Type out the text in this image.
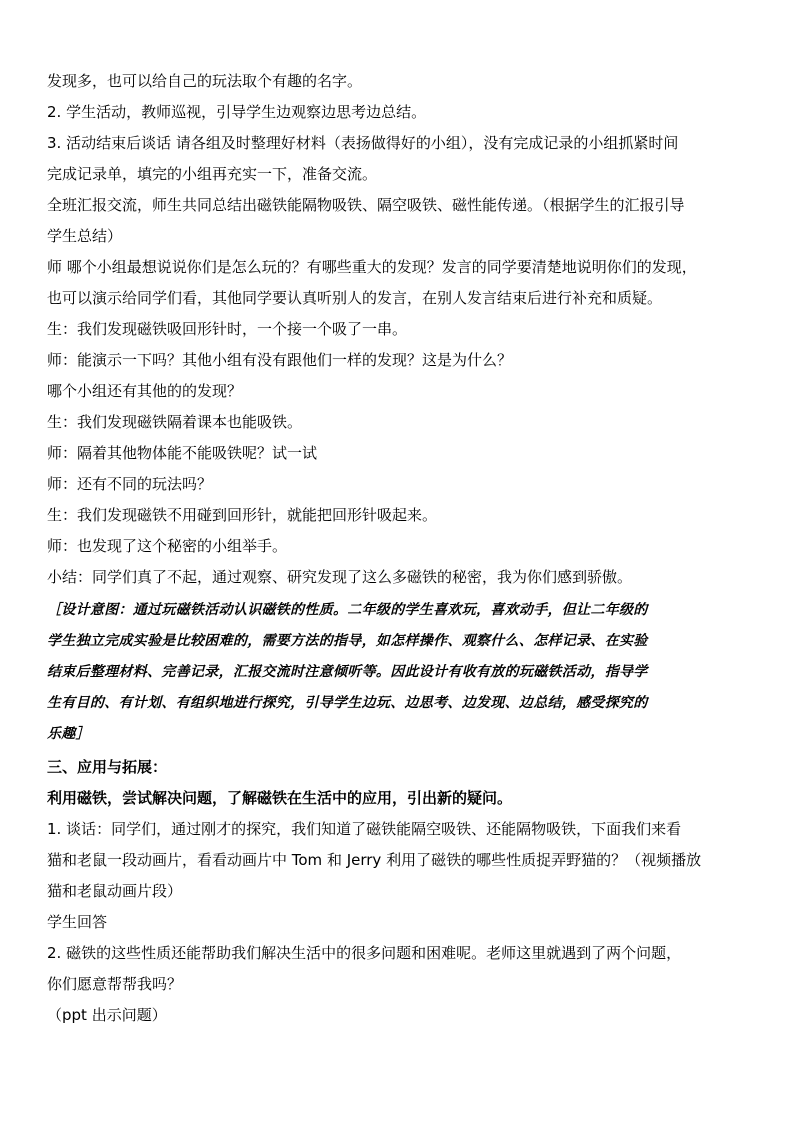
发现多，也可以给自己的玩法取个有趣的名字。
2. 学生活动，教师巡视，引导学生边观察边思考边总结。
3. 活动结束后谈话 请各组及时整理好材料（表扬做得好的小组），没有完成记录的小组抓紧时间
完成记录单，填完的小组再充实一下，准备交流。
全班汇报交流，师生共同总结出磁铁能隔物吸铁、隔空吸铁、磁性能传递。（根据学生的汇报引导
学生总结）
师 哪个小组最想说说你们是怎么玩的？有哪些重大的发现？发言的同学要清楚地说明你们的发现，
也可以演示给同学们看，其他同学要认真听别人的发言，在别人发言结束后进行补充和质疑。
生：我们发现磁铁吸回形针时，一个接一个吸了一串。
师：能演示一下吗？其他小组有没有跟他们一样的发现？这是为什么？
哪个小组还有其他的的发现？
生：我们发现磁铁隔着课本也能吸铁。
师：隔着其他物体能不能吸铁呢？试一试
师：还有不同的玩法吗？
生：我们发现磁铁不用碰到回形针，就能把回形针吸起来。
师：也发现了这个秘密的小组举手。
小结：同学们真了不起，通过观察、研究发现了这么多磁铁的秘密，我为你们感到骄傲。
［设计意图：通过玩磁铁活动认识磁铁的性质。二年级的学生喜欢玩，喜欢动手，但让二年级的
学生独立完成实验是比较困难的，需要方法的指导，如怎样操作、观察什么、怎样记录、在实验
结束后整理材料、完善记录，汇报交流时注意倾听等。因此设计有收有放的玩磁铁活动，指导学
生有目的、有计划、有组织地进行探究，引导学生边玩、边思考、边发现、边总结，感受探究的
乐趣］
三、应用与拓展：
利用磁铁，尝试解决问题，了解磁铁在生活中的应用，引出新的疑问。
1. 谈话：同学们，通过刚才的探究，我们知道了磁铁能隔空吸铁、还能隔物吸铁，下面我们来看
猫和老鼠一段动画片，看看动画片中 Tom 和 Jerry 利用了磁铁的哪些性质捉弄野猫的？（视频播放
猫和老鼠动画片段）
学生回答
2. 磁铁的这些性质还能帮助我们解决生活中的很多问题和困难呢。老师这里就遇到了两个问题，
你们愿意帮帮我吗？
（ppt 出示问题）
